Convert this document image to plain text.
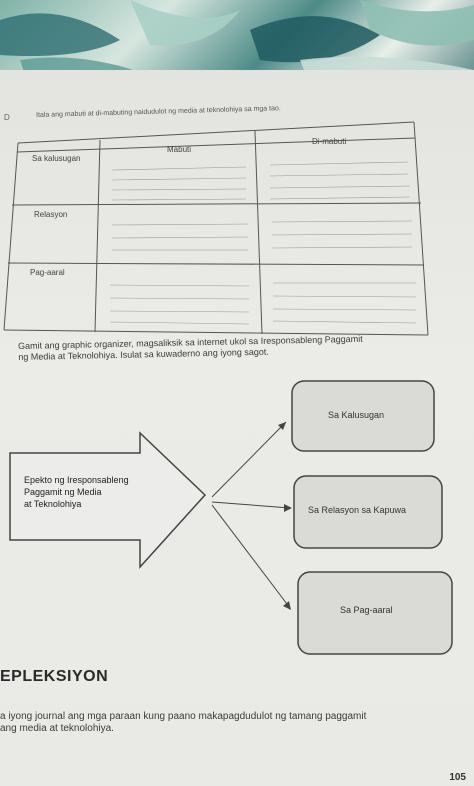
D	Itala ang mabuti at di-mabuting naidudulot ng media at teknolohiya sa mga tao.
Mabuti
Di-mabuti
Sa kalusugan
Relasyon
Pag-aaral
Gamit ang graphic organizer, magsaliksik sa internet ukol sa Iresponsableng Paggamit
ng Media at Teknolohiya. Isulat sa kuwaderno ang iyong sagot.
Epekto ng Iresponsableng
Paggamit ng Media
at Teknolohiya
Sa Kalusugan
Sa Relasyon sa Kapuwa
Sa Pag-aaral
EPLEKSIYON
a iyong journal ang mga paraan kung paano makapagdudulot ng tamang paggamit
ang media at teknolohiya.
105
